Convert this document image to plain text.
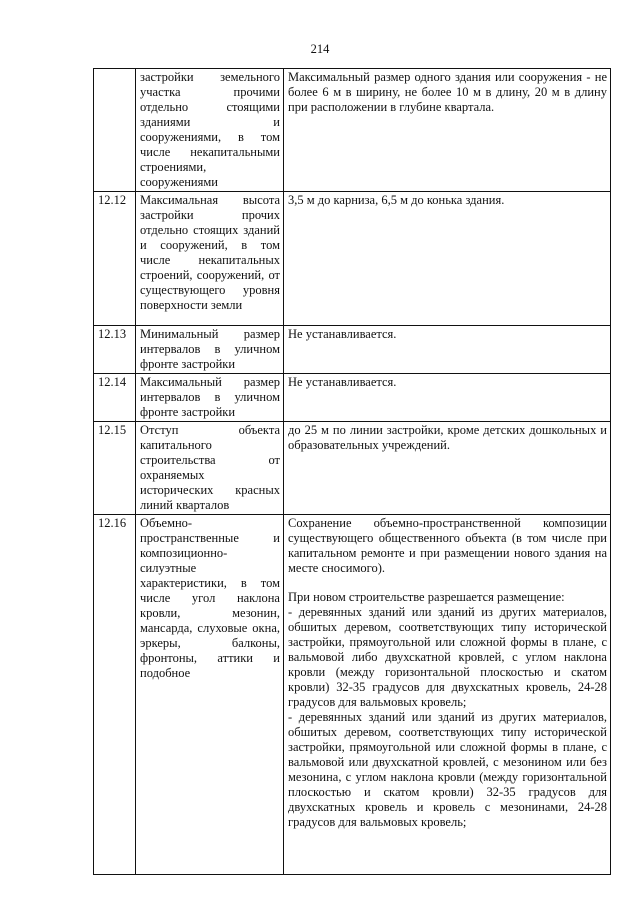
214
	застройки земельного участка прочими отдельно стоящими зданиями и сооружениями, в том числе некапитальными строениями, сооружениями	Максимальный размер одного здания или сооружения - не более 6 м в ширину, не более 10 м в длину, 20 м в длину при расположении в глубине квартала.

12.12	Максимальная высота застройки прочих отдельно стоящих зданий и сооружений, в том числе некапитальных строений, сооружений, от существующего уровня поверхности земли	3,5 м до карниза, 6,5 м до конька здания.

12.13	Минимальный размер интервалов в уличном фронте застройки	Не устанавливается.

12.14	Максимальный размер интервалов в уличном фронте застройки	Не устанавливается.

12.15	Отступ объекта капитального строительства от охраняемых исторических красных линий кварталов	до 25 м по линии застройки, кроме детских дошкольных и образовательных учреждений.

12.16	Объемно-пространственные и композиционно-силуэтные характеристики, в том числе угол наклона кровли, мезонин, мансарда, слуховые окна, эркеры, балконы, фронтоны, аттики и подобное	Сохранение объемно-пространственной композиции существующего общественного объекта (в том числе при капитальном ремонте и при размещении нового здания на месте сносимого).

При новом строительстве разрешается размещение:

- деревянных зданий или зданий из других материалов, обшитых деревом, соответствующих типу исторической застройки, прямоугольной или сложной формы в плане, с вальмовой либо двухскатной кровлей, с углом наклона кровли (между горизонтальной плоскостью и скатом кровли) 32-35 градусов для двухскатных кровель, 24-28 градусов для вальмовых кровель;

- деревянных зданий или зданий из других материалов, обшитых деревом, соответствующих типу исторической застройки, прямоугольной или сложной формы в плане, с вальмовой или двухскатной кровлей, с мезонином или без мезонина, с углом наклона кровли (между горизонтальной плоскостью и скатом кровли) 32-35 градусов для двухскатных кровель и кровель с мезонинами, 24-28 градусов для вальмовых кровель;
